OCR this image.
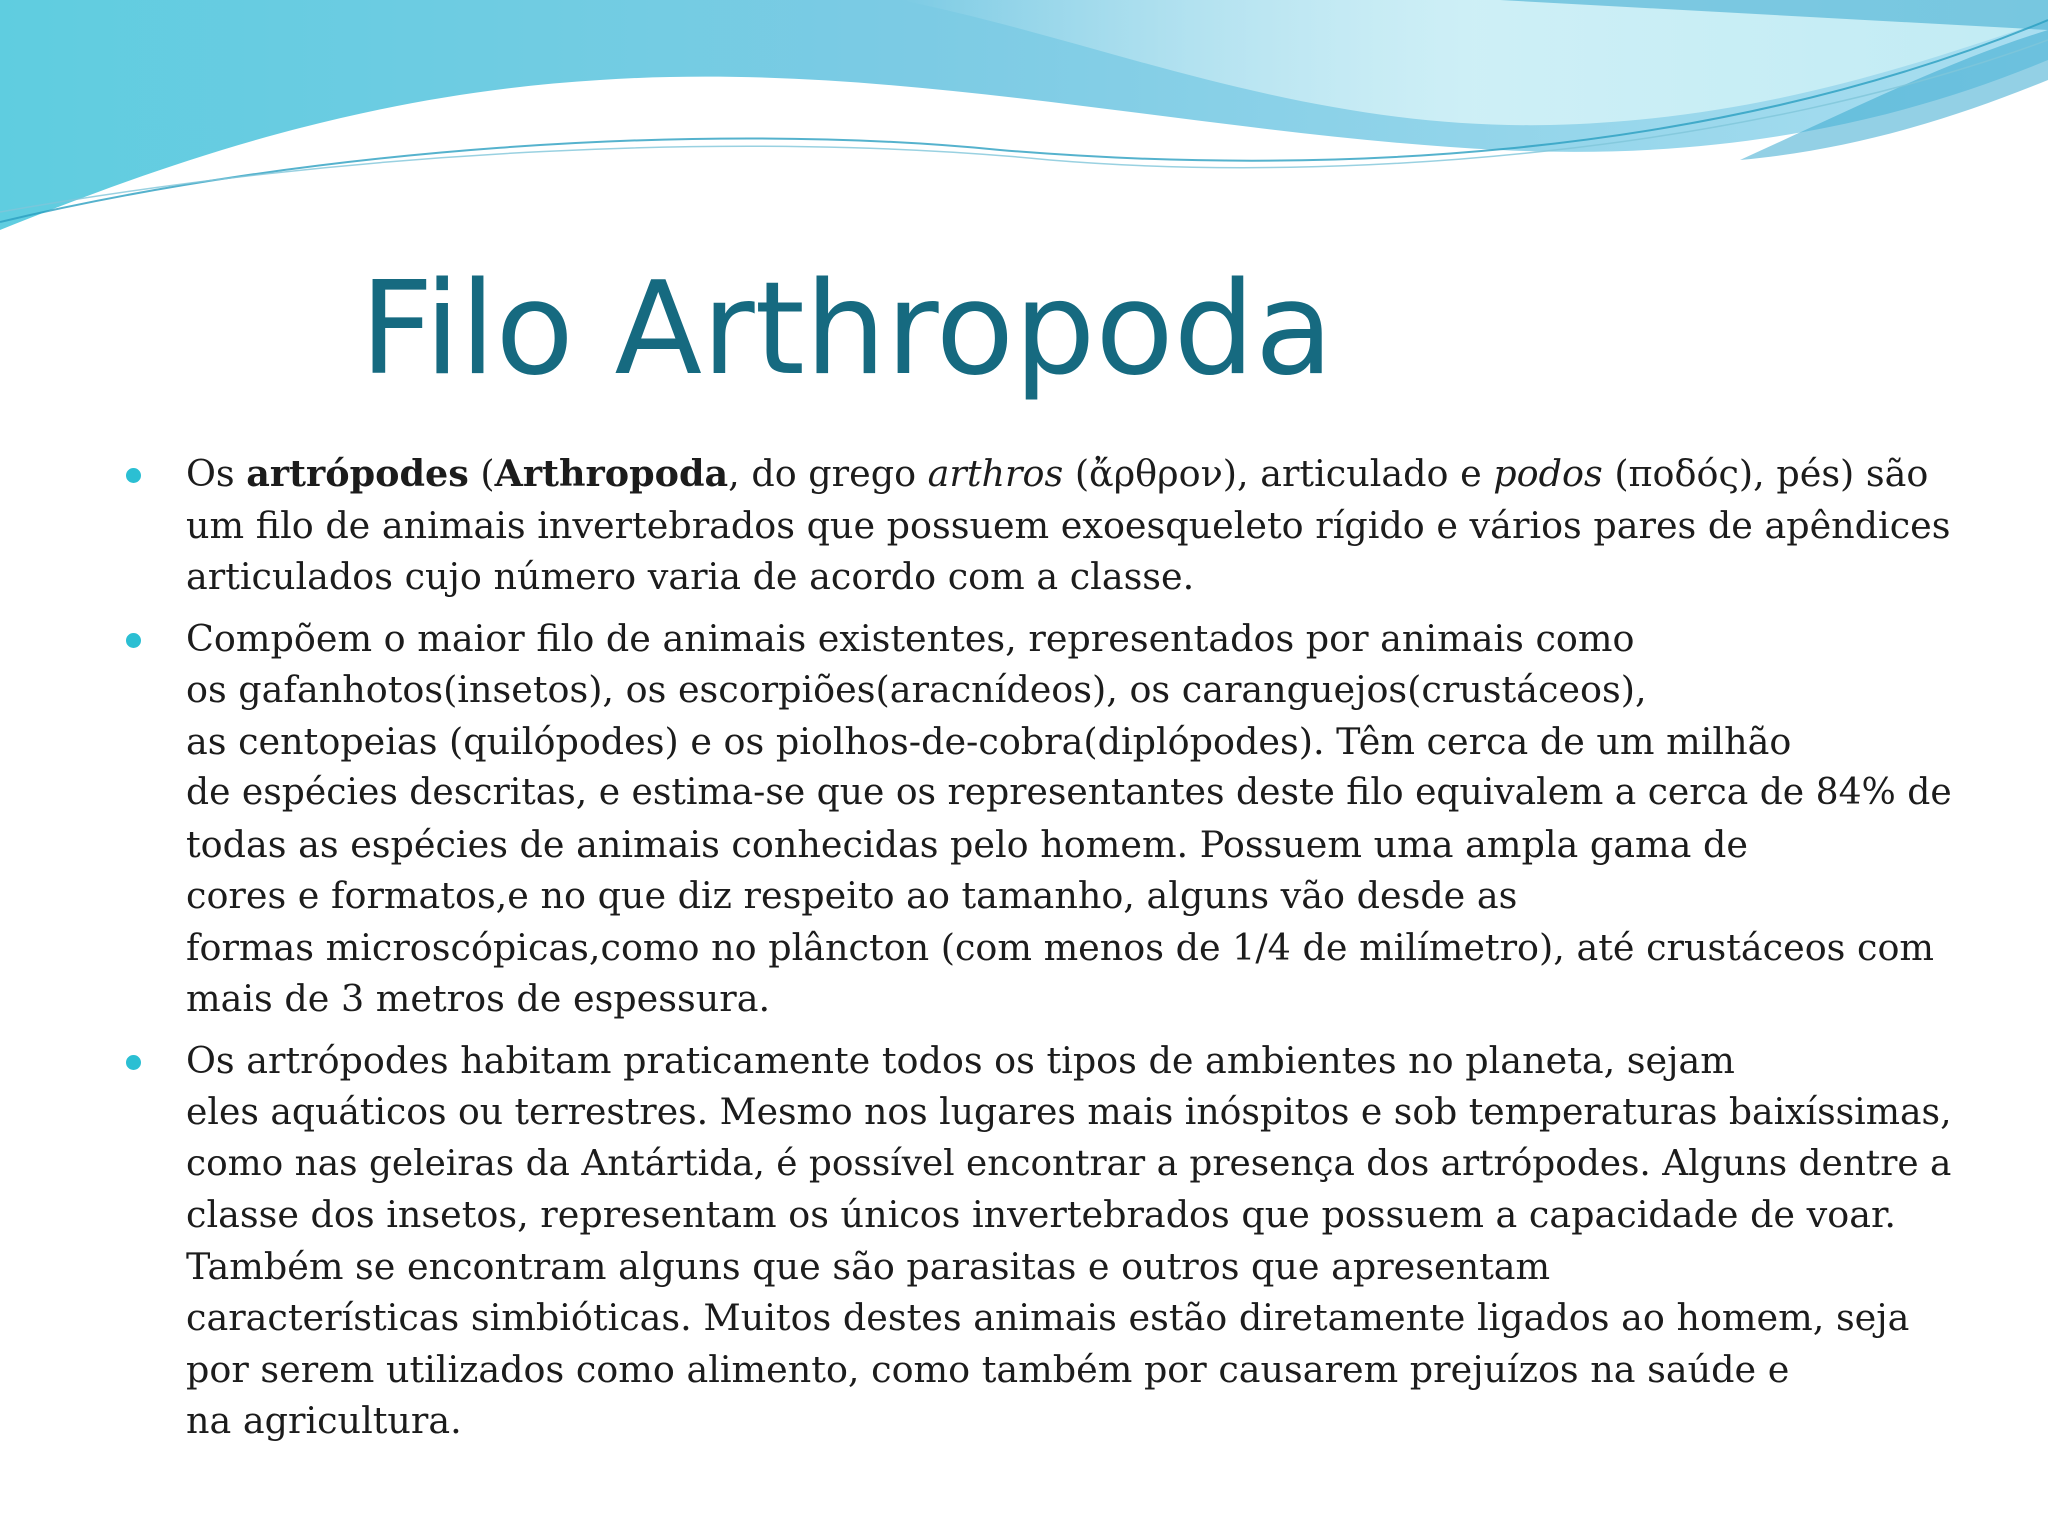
Filo Arthropoda
Os artrópodes (Arthropoda, do grego arthros (ἄρθρον), articulado e podos (ποδός), pés) são
um filo de animais invertebrados que possuem exoesqueleto rígido e vários pares de apêndices
articulados cujo número varia de acordo com a classe.
Compõem o maior filo de animais existentes, representados por animais como
os gafanhotos(insetos), os escorpiões(aracnídeos), os caranguejos(crustáceos),
as centopeias (quilópodes) e os piolhos-de-cobra(diplópodes). Têm cerca de um milhão
de espécies descritas, e estima-se que os representantes deste filo equivalem a cerca de 84% de
todas as espécies de animais conhecidas pelo homem. Possuem uma ampla gama de
cores e formatos,e no que diz respeito ao tamanho, alguns vão desde as
formas microscópicas,como no plâncton (com menos de 1/4 de milímetro), até crustáceos com
mais de 3 metros de espessura.
Os artrópodes habitam praticamente todos os tipos de ambientes no planeta, sejam
eles aquáticos ou terrestres. Mesmo nos lugares mais inóspitos e sob temperaturas baixíssimas,
como nas geleiras da Antártida, é possível encontrar a presença dos artrópodes. Alguns dentre a
classe dos insetos, representam os únicos invertebrados que possuem a capacidade de voar.
Também se encontram alguns que são parasitas e outros que apresentam
características simbióticas. Muitos destes animais estão diretamente ligados ao homem, seja
por serem utilizados como alimento, como também por causarem prejuízos na saúde e
na agricultura.
